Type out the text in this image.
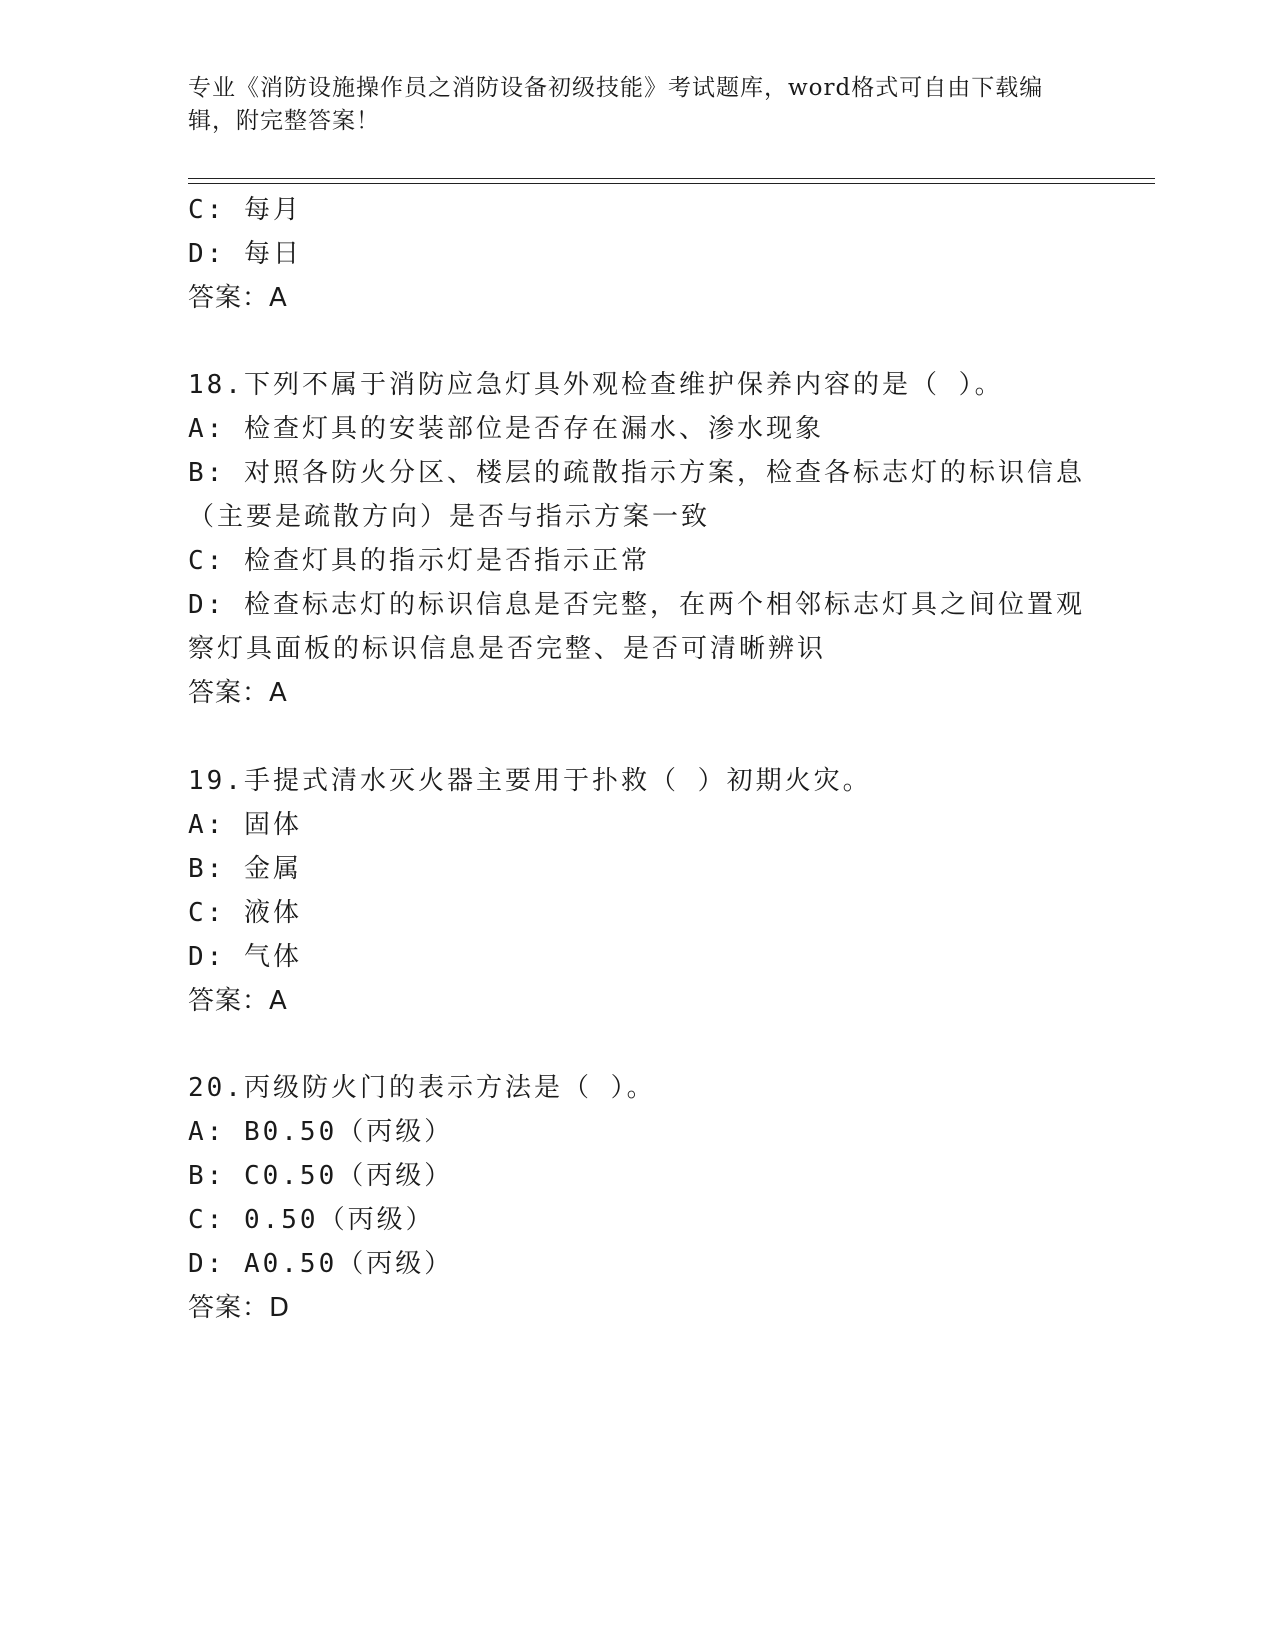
专业《消防设施操作员之消防设备初级技能》考试题库，word格式可自由下载编
辑，附完整答案！
C: 每月
D: 每日
答案：A
18.下列不属于消防应急灯具外观检查维护保养内容的是（ ）。
A: 检查灯具的安装部位是否存在漏水、渗水现象
B: 对照各防火分区、楼层的疏散指示方案，检查各标志灯的标识信息
（主要是疏散方向）是否与指示方案一致
C: 检查灯具的指示灯是否指示正常
D: 检查标志灯的标识信息是否完整，在两个相邻标志灯具之间位置观
察灯具面板的标识信息是否完整、是否可清晰辨识
答案：A
19.手提式清水灭火器主要用于扑救（ ）初期火灾。
A: 固体
B: 金属
C: 液体
D: 气体
答案：A
20.丙级防火门的表示方法是（ ）。
A: B0.50（丙级）
B: C0.50（丙级）
C: 0.50（丙级）
D: A0.50（丙级）
答案：D
